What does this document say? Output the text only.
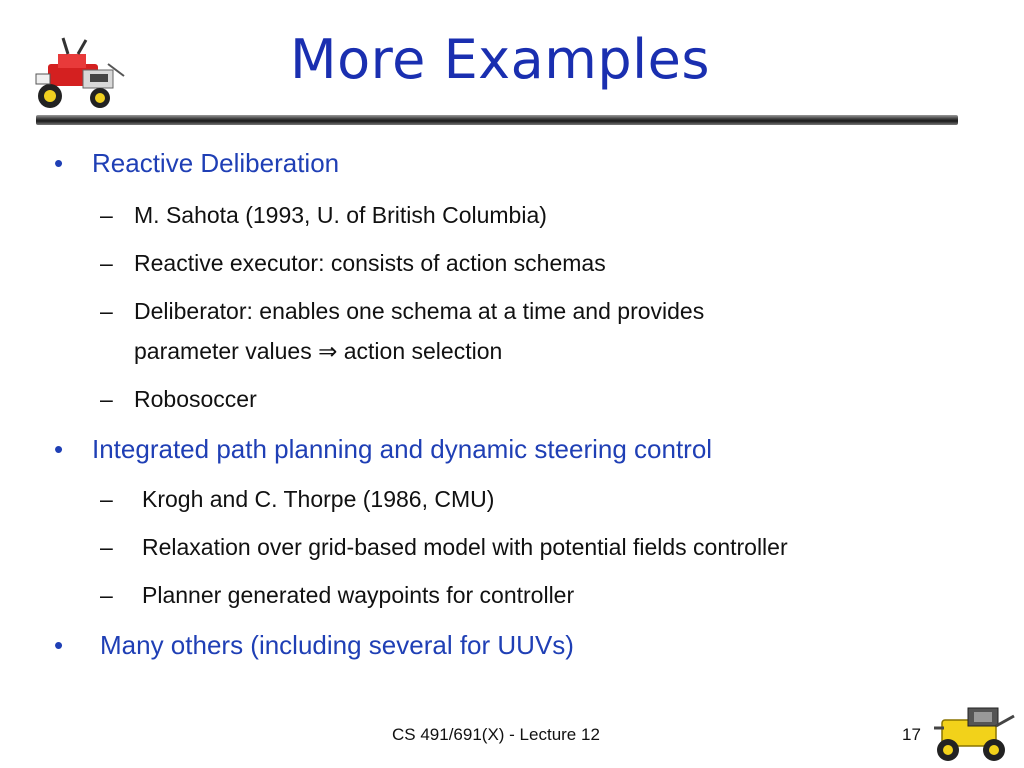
More Examples
•	Reactive Deliberation
– M. Sahota (1993, U. of British Columbia)
– Reactive executor: consists of action schemas
– Deliberator: enables one schema at a time and provides
parameter values ⇒ action selection
– Robosoccer
•	Integrated path planning and dynamic steering control
–	Krogh and C. Thorpe (1986, CMU)
–	Relaxation over grid-based model with potential fields controller
–	Planner generated waypoints for controller
•	Many others (including several for UUVs)
CS 491/691(X) - Lecture 12	17
